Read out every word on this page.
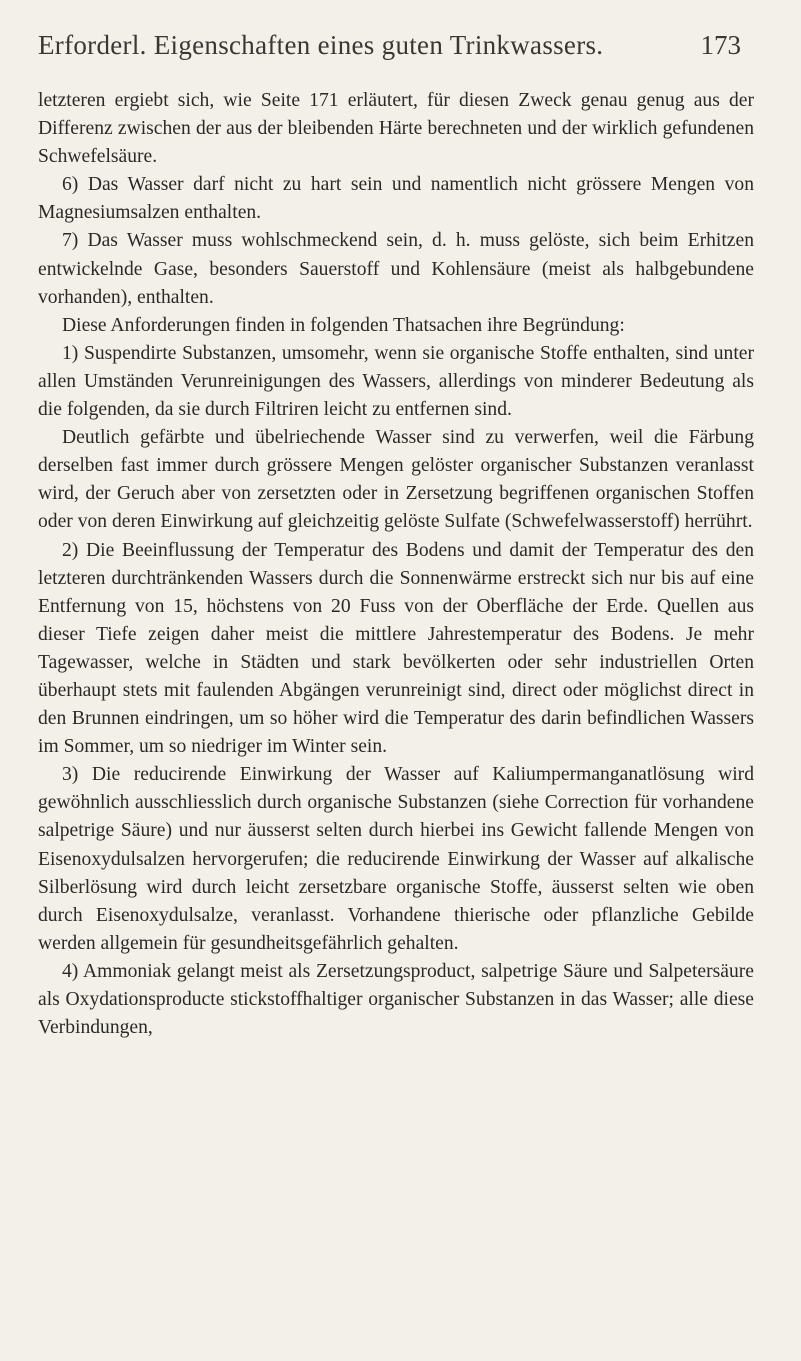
Erforderl. Eigenschaften eines guten Trinkwassers.	173

letzteren ergiebt sich, wie Seite 171 erläutert, für diesen Zweck genau genug aus der Differenz zwischen der aus der bleibenden Härte berechneten und der wirklich gefundenen Schwefelsäure.

6) Das Wasser darf nicht zu hart sein und namentlich nicht grössere Mengen von Magnesiumsalzen enthalten.

7) Das Wasser muss wohlschmeckend sein, d. h. muss gelöste, sich beim Erhitzen entwickelnde Gase, besonders Sauerstoff und Kohlensäure (meist als halbgebundene vorhanden), enthalten.

Diese Anforderungen finden in folgenden Thatsachen ihre Begründung:

1) Suspendirte Substanzen, umsomehr, wenn sie organische Stoffe enthalten, sind unter allen Umständen Verunreinigungen des Wassers, allerdings von minderer Bedeutung als die folgenden, da sie durch Filtriren leicht zu entfernen sind.

Deutlich gefärbte und übelriechende Wasser sind zu verwerfen, weil die Färbung derselben fast immer durch grössere Mengen gelöster organischer Substanzen veranlasst wird, der Geruch aber von zersetzten oder in Zersetzung begriffenen organischen Stoffen oder von deren Einwirkung auf gleichzeitig gelöste Sulfate (Schwefelwasserstoff) herrührt.

2) Die Beeinflussung der Temperatur des Bodens und damit der Temperatur des den letzteren durchtränkenden Wassers durch die Sonnenwärme erstreckt sich nur bis auf eine Entfernung von 15, höchstens von 20 Fuss von der Oberfläche der Erde. Quellen aus dieser Tiefe zeigen daher meist die mittlere Jahrestemperatur des Bodens. Je mehr Tagewasser, welche in Städten und stark bevölkerten oder sehr industriellen Orten überhaupt stets mit faulenden Abgängen verunreinigt sind, direct oder möglichst direct in den Brunnen eindringen, um so höher wird die Temperatur des darin befindlichen Wassers im Sommer, um so niedriger im Winter sein.

3) Die reducirende Einwirkung der Wasser auf Kaliumpermanganatlösung wird gewöhnlich ausschliesslich durch organische Substanzen (siehe Correction für vorhandene salpetrige Säure) und nur äusserst selten durch hierbei ins Gewicht fallende Mengen von Eisenoxydulsalzen hervorgerufen; die reducirende Einwirkung der Wasser auf alkalische Silberlösung wird durch leicht zersetzbare organische Stoffe, äusserst selten wie oben durch Eisenoxydulsalze, veranlasst. Vorhandene thierische oder pflanzliche Gebilde werden allgemein für gesundheitsgefährlich gehalten.

4) Ammoniak gelangt meist als Zersetzungsproduct, salpetrige Säure und Salpetersäure als Oxydationsproducte stickstoffhaltiger organischer Substanzen in das Wasser; alle diese Verbindungen,
